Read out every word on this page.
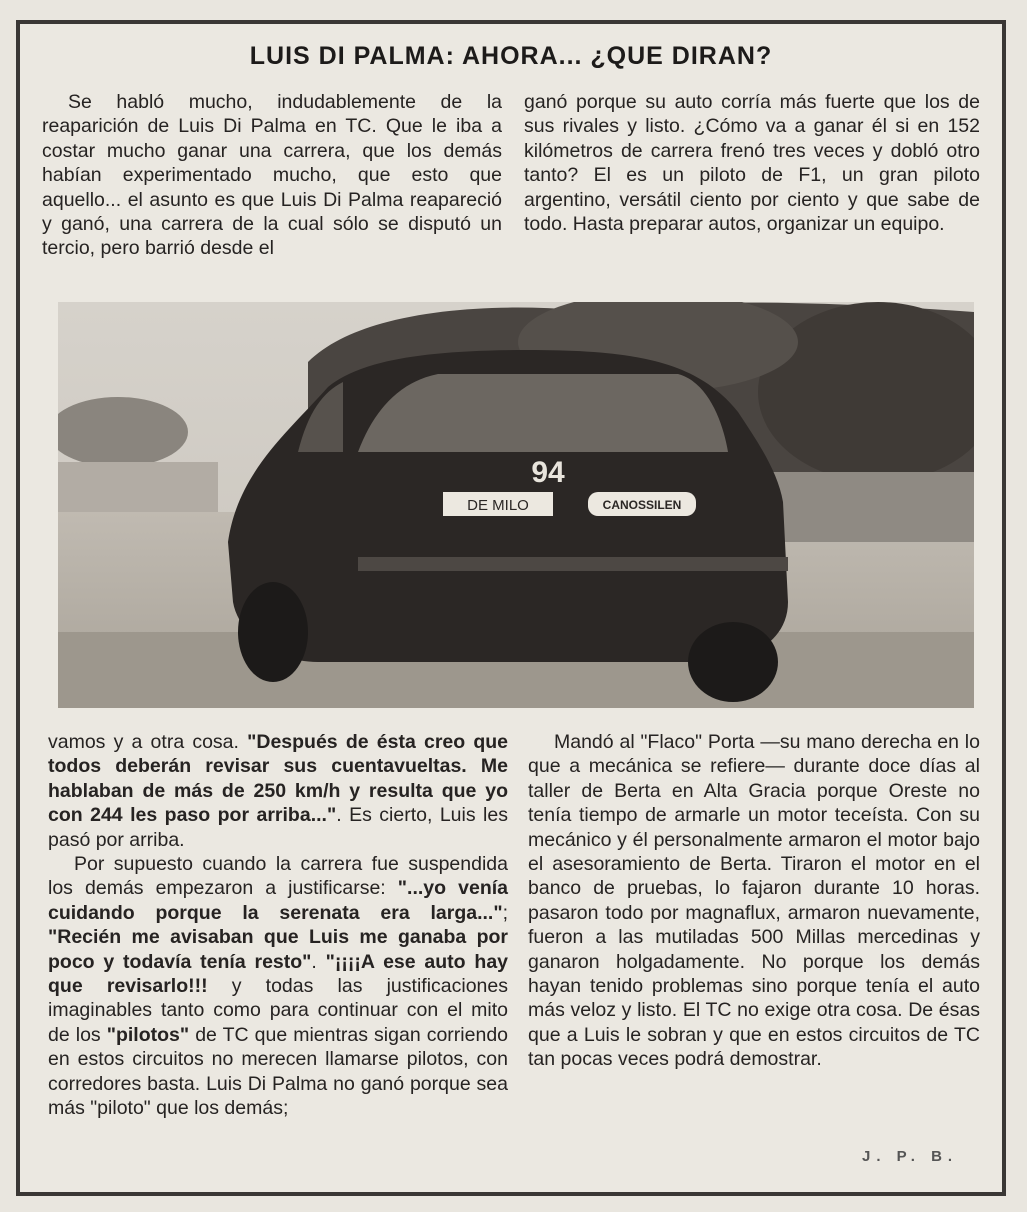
LUIS DI PALMA: AHORA... ¿QUE DIRAN?

Se habló mucho, indudablemente de la reaparición de Luis Di Palma en TC. Que le iba a costar mucho ganar una carrera, que los demás habían experimentado mucho, que esto que aquello... el asunto es que Luis Di Palma reapareció y ganó, una carrera de la cual sólo se disputó un tercio, pero barrió desde el

ganó porque su auto corría más fuerte que los de sus rivales y listo. ¿Cómo va a ganar él si en 152 kilómetros de carrera frenó tres veces y dobló otro tanto? El es un piloto de F1, un gran piloto argentino, versátil ciento por ciento y que sabe de todo. Hasta preparar autos, organizar un equipo.

94
DE MILO	CANOSSILEN

vamos y a otra cosa. "Después de ésta creo que todos deberán revisar sus cuentavueltas. Me hablaban de más de 250 km/h y resulta que yo con 244 les paso por arriba...". Es cierto, Luis les pasó por arriba.

Por supuesto cuando la carrera fue suspendida los demás empezaron a justificarse: "...yo venía cuidando porque la serenata era larga..."; "Recién me avisaban que Luis me ganaba por poco y todavía tenía resto". "¡¡¡¡A ese auto hay que revisarlo!!! y todas las justificaciones imaginables tanto como para continuar con el mito de los "pilotos" de TC que mientras sigan corriendo en estos circuitos no merecen llamarse pilotos, con corredores basta. Luis Di Palma no ganó porque sea más "piloto" que los demás;

Mandó al "Flaco" Porta —su mano derecha en lo que a mecánica se refiere— durante doce días al taller de Berta en Alta Gracia porque Oreste no tenía tiempo de armarle un motor teceísta. Con su mecánico y él personalmente armaron el motor bajo el asesoramiento de Berta. Tiraron el motor en el banco de pruebas, lo fajaron durante 10 horas. pasaron todo por magnaflux, armaron nuevamente, fueron a las mutiladas 500 Millas mercedinas y ganaron holgadamente. No porque los demás hayan tenido problemas sino porque tenía el auto más veloz y listo. El TC no exige otra cosa. De ésas que a Luis le sobran y que en estos circuitos de TC tan pocas veces podrá demostrar.

J. P. B.
